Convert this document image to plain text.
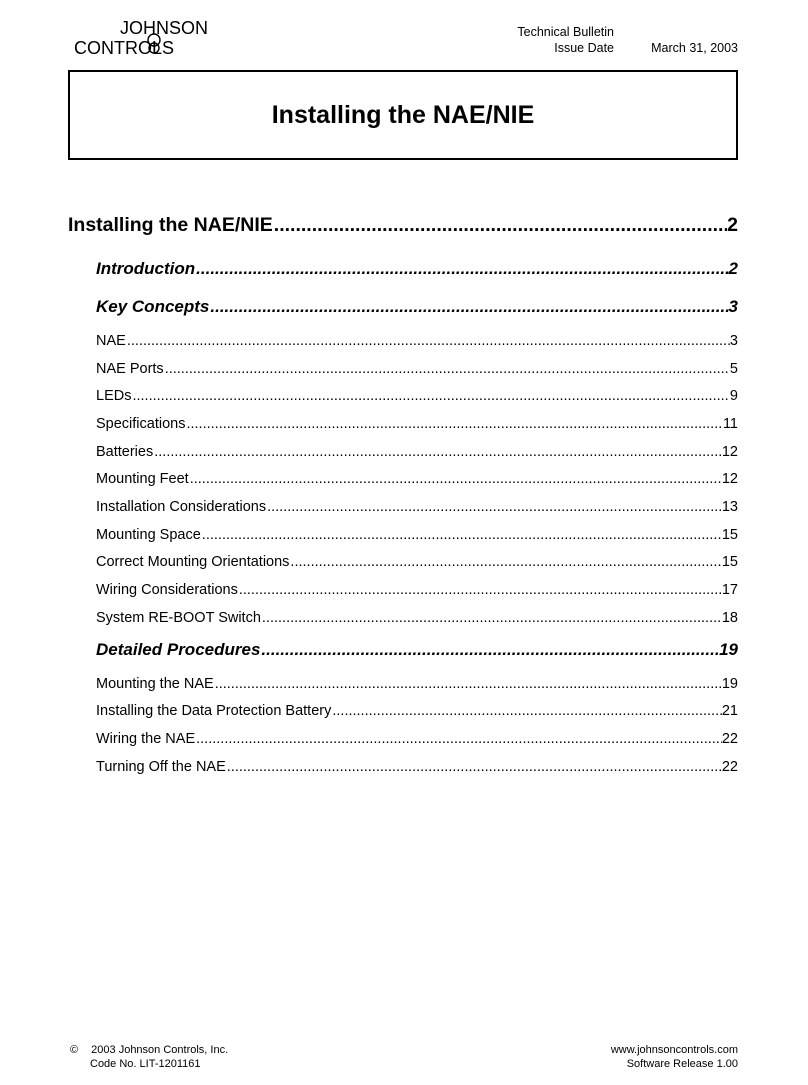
JOHNSON
CONTROLS
Technical Bulletin
Issue Date	March 31, 2003
Installing the NAE/NIE
Installing the NAE/NIE .....	2
Introduction .....	2
Key Concepts .....	3
NAE .....	3
NAE Ports .....	5
LEDs .....	9
Specifications .....	11
Batteries .....	12
Mounting Feet .....	12
Installation Considerations .....	13
Mounting Space .....	15
Correct Mounting Orientations .....	15
Wiring Considerations .....	17
System RE-BOOT Switch .....	18
Detailed Procedures .....	19
Mounting the NAE .....	19
Installing the Data Protection Battery .....	21
Wiring the NAE .....	22
Turning Off the NAE .....	22
© 2003 Johnson Controls, Inc.
Code No. LIT-1201161
www.johnsoncontrols.com
Software Release 1.00
